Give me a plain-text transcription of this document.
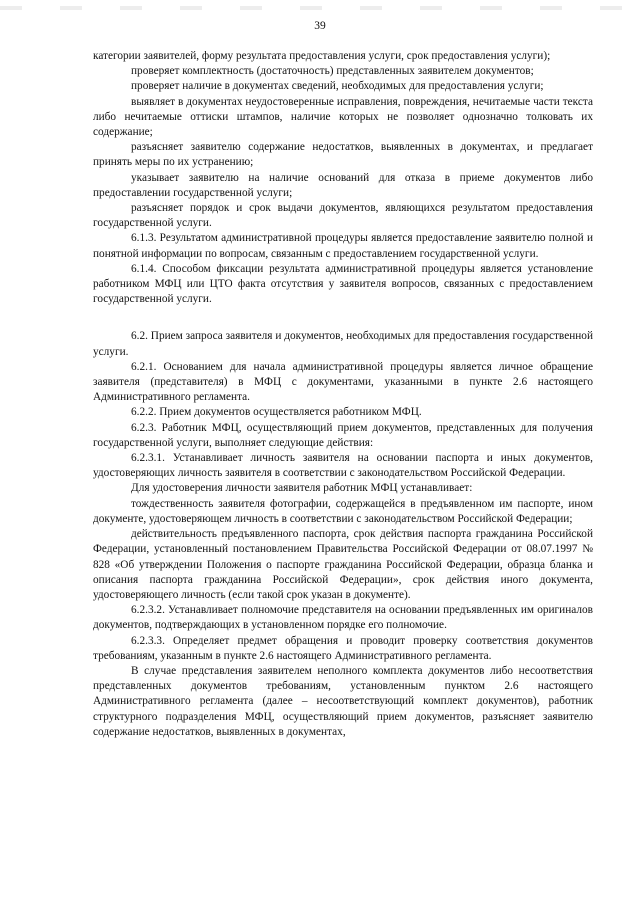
39

категории заявителей, форму результата предоставления услуги, срок предоставления услуги);

проверяет комплектность (достаточность) представленных заявителем документов;

проверяет наличие в документах сведений, необходимых для предоставления услуги;

выявляет в документах неудостоверенные исправления, повреждения, нечитаемые части текста либо нечитаемые оттиски штампов, наличие которых не позволяет однозначно толковать их содержание;

разъясняет заявителю содержание недостатков, выявленных в документах, и предлагает принять меры по их устранению;

указывает заявителю на наличие оснований для отказа в приеме документов либо предоставлении государственной услуги;

разъясняет порядок и срок выдачи документов, являющихся результатом предоставления государственной услуги.

6.1.3. Результатом административной процедуры является предоставление заявителю полной и понятной информации по вопросам, связанным с предоставлением государственной услуги.

6.1.4. Способом фиксации результата административной процедуры является установление работником МФЦ или ЦТО факта отсутствия у заявителя вопросов, связанных с предоставлением государственной услуги.

6.2. Прием запроса заявителя и документов, необходимых для предоставления государственной услуги.

6.2.1. Основанием для начала административной процедуры является личное обращение заявителя (представителя) в МФЦ с документами, указанными в пункте 2.6 настоящего Административного регламента.

6.2.2. Прием документов осуществляется работником МФЦ.

6.2.3. Работник МФЦ, осуществляющий прием документов, представленных для получения государственной услуги, выполняет следующие действия:

6.2.3.1. Устанавливает личность заявителя на основании паспорта и иных документов, удостоверяющих личность заявителя в соответствии с законодательством Российской Федерации.

Для удостоверения личности заявителя работник МФЦ устанавливает:

тождественность заявителя фотографии, содержащейся в предъявленном им паспорте, ином документе, удостоверяющем личность в соответствии с законодательством Российской Федерации;

действительность предъявленного паспорта, срок действия паспорта гражданина Российской Федерации, установленный постановлением Правительства Российской Федерации от 08.07.1997 № 828 «Об утверждении Положения о паспорте гражданина Российской Федерации, образца бланка и описания паспорта гражданина Российской Федерации», срок действия иного документа, удостоверяющего личность (если такой срок указан в документе).

6.2.3.2. Устанавливает полномочие представителя на основании предъявленных им оригиналов документов, подтверждающих в установленном порядке его полномочие.

6.2.3.3. Определяет предмет обращения и проводит проверку соответствия документов требованиям, указанным в пункте 2.6 настоящего Административного регламента.

В случае представления заявителем неполного комплекта документов либо несоответствия представленных документов требованиям, установленным пунктом 2.6 настоящего Административного регламента (далее – несоответствующий комплект документов), работник структурного подразделения МФЦ, осуществляющий прием документов, разъясняет заявителю содержание недостатков, выявленных в документах,
